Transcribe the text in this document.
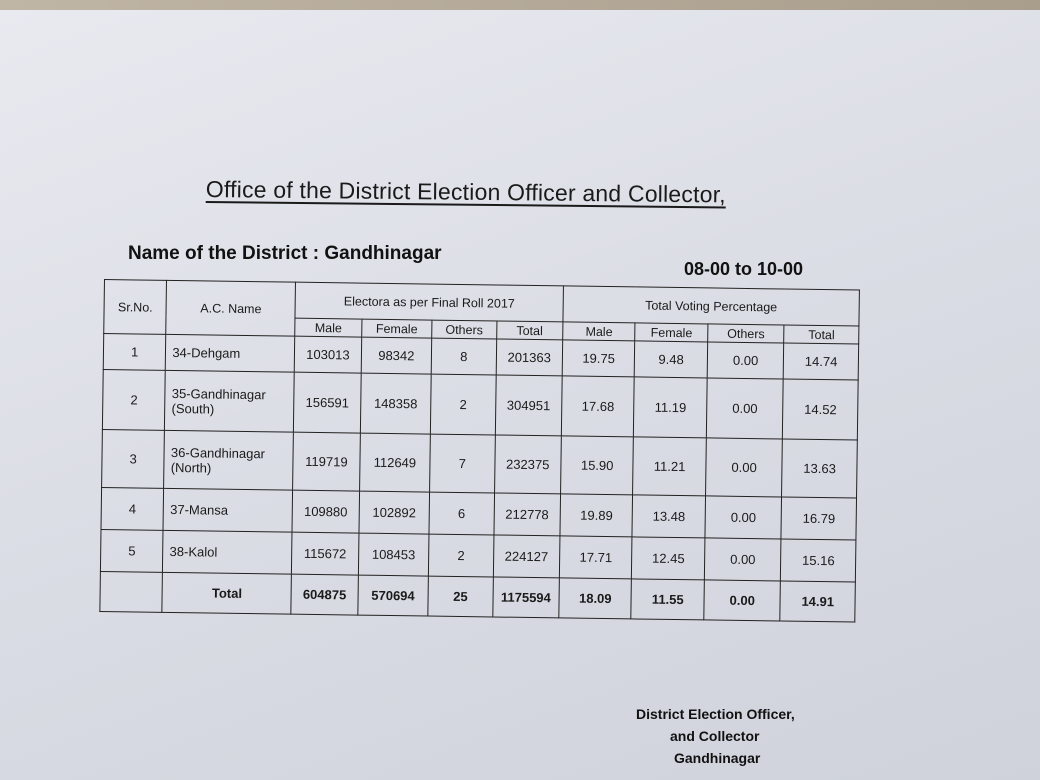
Office of the District Election Officer and Collector,
Name of the District : Gandhinagar
08-00 to 10-00
Sr.No.	A.C. Name	Electora as per Final Roll 2017				Total Voting Percentage			
		Male	Female	Others	Total	Male	Female	Others	Total
1	34-Dehgam	103013	98342	8	201363	19.75	9.48	0.00	14.74
2	35-Gandhinagar (South)	156591	148358	2	304951	17.68	11.19	0.00	14.52
3	36-Gandhinagar (North)	119719	112649	7	232375	15.90	11.21	0.00	13.63
4	37-Mansa	109880	102892	6	212778	19.89	13.48	0.00	16.79
5	38-Kalol	115672	108453	2	224127	17.71	12.45	0.00	15.16
	Total	604875	570694	25	1175594	18.09	11.55	0.00	14.91
District Election Officer,
and Collector
Gandhinagar
